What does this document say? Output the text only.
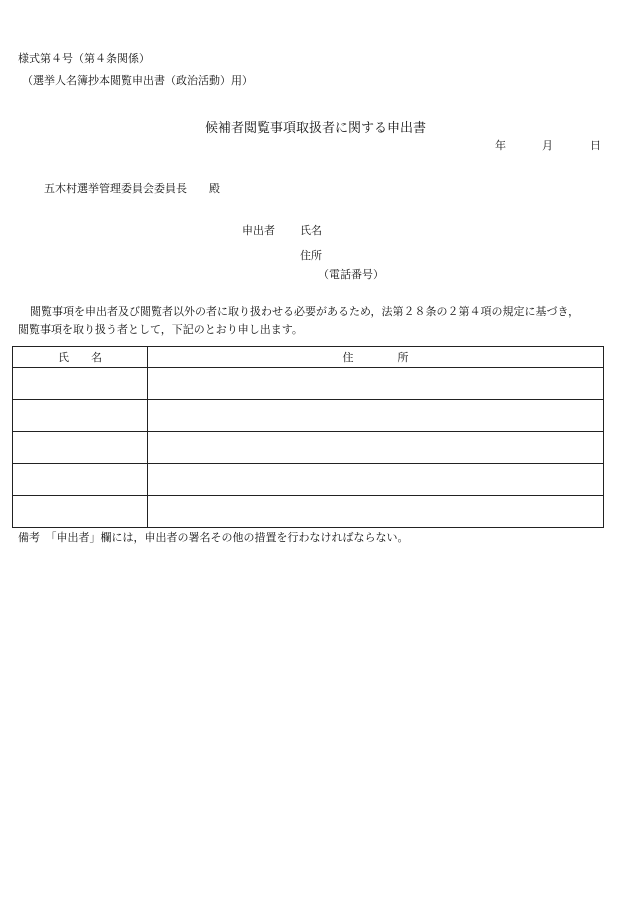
様式第４号（第４条関係）
（選挙人名簿抄本閲覧申出書（政治活動）用）
候補者閲覧事項取扱者に関する申出書
年	月	日
五木村選挙管理委員会委員長　　殿
申出者 氏名
住所
（電話番号）
閲覧事項を申出者及び閲覧者以外の者に取り扱わせる必要があるため，法第２８条の２第４項の規定に基づき，
閲覧事項を取り扱う者として，下記のとおり申し出ます。
氏　　名	住　　　　所

備考　「申出者」欄には，申出者の署名その他の措置を行わなければならない。
